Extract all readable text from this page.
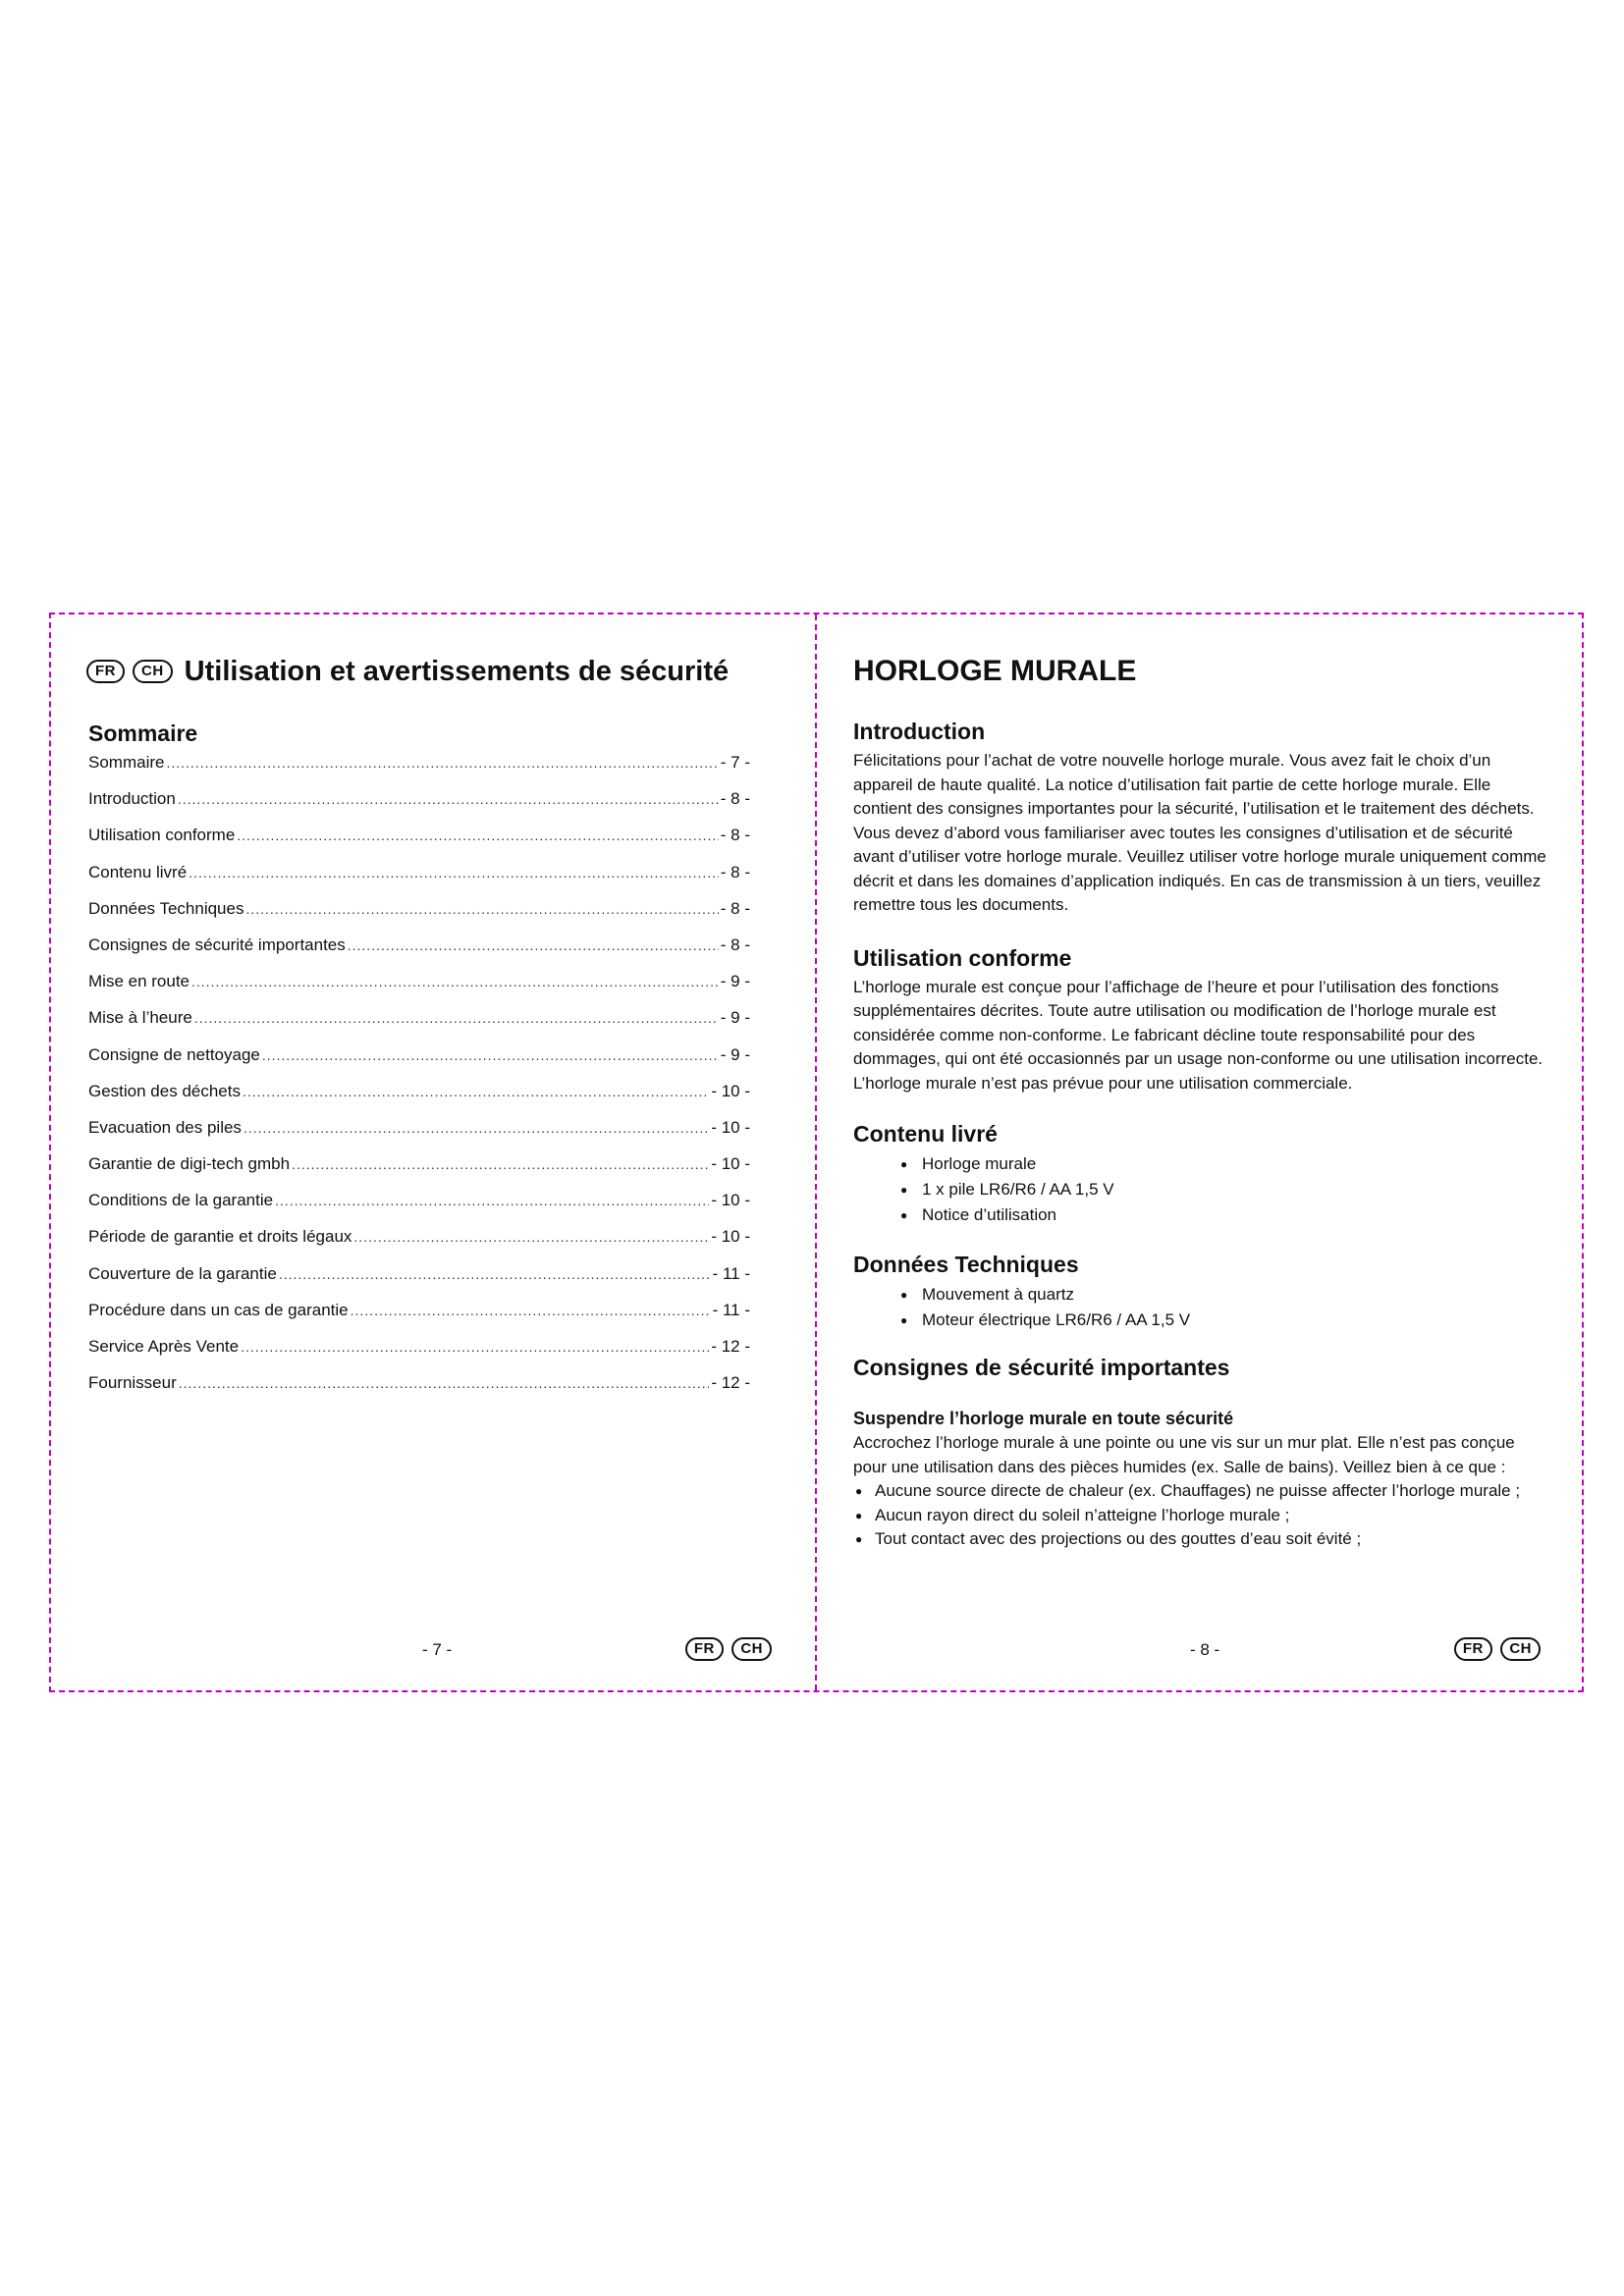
FR	CH Utilisation et avertissements de sécurité
Sommaire
Sommaire .....	- 7 -
Introduction .....	- 8 -
Utilisation conforme .....	- 8 -
Contenu livré .....	- 8 -
Données Techniques .....	- 8 -
Consignes de sécurité importantes .....	- 8 -
Mise en route .....	- 9 -
Mise à l’heure .....	- 9 -
Consigne de nettoyage .....	- 9 -
Gestion des déchets .....	- 10 -
Evacuation des piles .....	- 10 -
Garantie de digi-tech gmbh .....	- 10 -
Conditions de la garantie .....	- 10 -
Période de garantie et droits légaux .....	- 10 -
Couverture de la garantie .....	- 11 -
Procédure dans un cas de garantie .....	- 11 -
Service Après Vente .....	- 12 -
Fournisseur .....	- 12 -
- 7 -	FR CH
HORLOGE MURALE
Introduction

Félicitations pour l’achat de votre nouvelle horloge murale. Vous avez fait le choix d’un appareil de haute qualité. La notice d’utilisation fait partie de cette horloge murale. Elle contient des consignes importantes pour la sécurité, l’utilisation et le traitement des déchets. Vous devez d’abord vous familiariser avec toutes les consignes d’utilisation et de sécurité avant d’utiliser votre horloge murale. Veuillez utiliser votre horloge murale uniquement comme décrit et dans les domaines d’application indiqués. En cas de transmission à un tiers, veuillez remettre tous les documents.

Utilisation conforme

L’horloge murale est conçue pour l’affichage de l’heure et pour l’utilisation des fonctions supplémentaires décrites. Toute autre utilisation ou modification de l’horloge murale est considérée comme non-conforme. Le fabricant décline toute responsabilité pour des dommages, qui ont été occasionnés par un usage non-conforme ou une utilisation incorrecte. L’horloge murale n’est pas prévue pour une utilisation commerciale.

Contenu livré
● Horloge murale
● 1 x pile LR6/R6 / AA 1,5 V
● Notice d’utilisation
Données Techniques
● Mouvement à quartz
● Moteur électrique LR6/R6 / AA 1,5 V
Consignes de sécurité importantes
Suspendre l’horloge murale en toute sécurité

Accrochez l’horloge murale à une pointe ou une vis sur un mur plat. Elle n’est pas conçue pour une utilisation dans des pièces humides (ex. Salle de bains). Veillez bien à ce que :

● Aucune source directe de chaleur (ex. Chauffages) ne puisse affecter l’horloge murale ;
● Aucun rayon direct du soleil n’atteigne l’horloge murale ;
● Tout contact avec des projections ou des gouttes d’eau soit évité ;
- 8 -	FR CH
